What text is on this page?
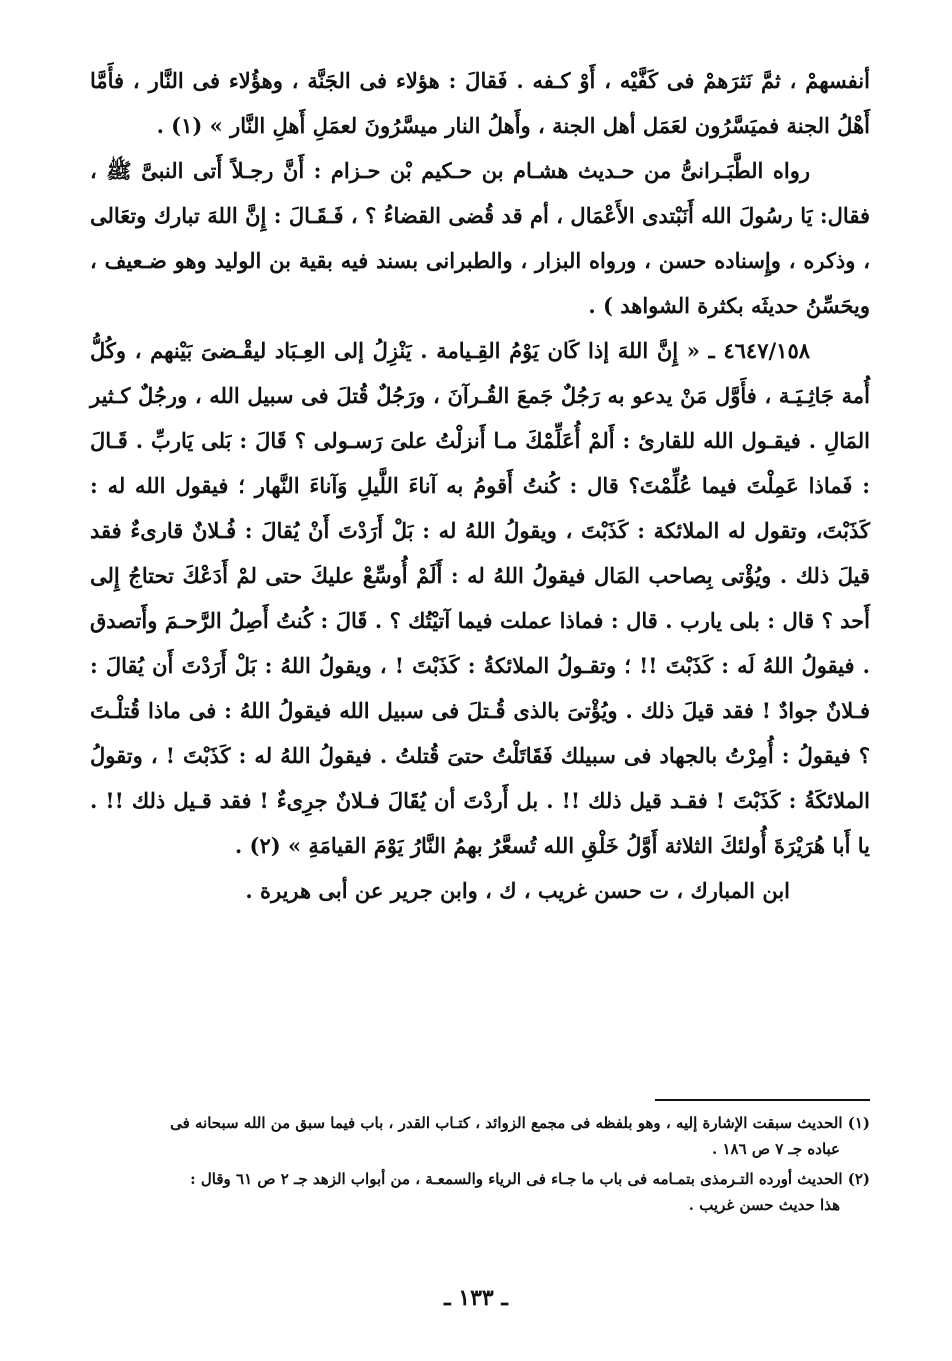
أنفسهمْ ، ثمَّ نَثرَهمْ فى كَفَّيْه ، أَوْ كـفه . فَقالَ : هؤلاء فى الجَنَّة ، وهؤُلاء فى النَّار ، فأَمَّا أَهْلُ الجنة فميَسَّرُون لعَمَل أهل الجنة ، وأَهلُ النار ميسَّرُونَ لعمَلِ أَهلِ النَّار » (١) .

رواه الطَّبَـرانىُّ من حـديث هشـام بن حـكيم بْن حـزام : أَنَّ رجـلاً أَتى النبىَّ ﷺ ، فقال: يَا رسُولَ الله أَنَبْتدى الأَعْمَال ، أم قد قُضى القضاءُ ؟ ، فَـقَـالَ : إِنَّ اللهَ تبارك وتعَالى ، وذكره ، وإِسناده حسن ، ورواه البزار ، والطبرانى بسند فيه بقية بن الوليد وهو ضـعيف ، ويحَسِّنُ حديثَه بكثرة الشواهد ) .

٤٦٤٧/١٥٨ ـ « إِنَّ اللهَ إذا كَان يَوْمُ القِـيامة . يَنْزِلُ إلى العِـبَاد ليقْـضىَ بَيْنهم ، وكُلُّ أُمة جَاثِـيَـة ، فأَوَّل مَنْ يدعو به رَجُلٌ جَمعَ القُـرآنَ ، ورَجُلٌ قُتلَ فى سبيل الله ، ورجُلٌ كـثير المَالِ . فيقـول الله للقارئ : أَلمْ أُعَلِّمْكَ مـا أَنزلْتُ علىَ رَسـولى ؟ قَالَ : بَلى يَاربِّ . قَـالَ : فَماذا عَمِلْتَ فيما عُلِّمْتَ؟ قال : كُنتُ أَقومُ به آناءَ اللَّيلِ وَآناءَ النَّهار ؛ فيقول الله له : كَذَبْتَ، وتقول له الملائكة : كَذَبْتَ ، ويقولُ اللهُ له : بَلْ أَرَدْتَ أَنْ يُقالَ : فُـلانٌ قارىءٌ فقد قيلَ ذلك . ويُؤْتى بِصاحب المَال فيقولُ اللهُ له : أَلَمْ أُوسِّعْ عليكَ حتى لمْ أَدَعْكَ تحتاجُ إِلى أَحد ؟ قال : بلى يارب . قال : فماذا عملت فيما آتيْتُك ؟ . قَالَ : كُنتُ أَصِلُ الرَّحـمَ وأَتصدق . فيقولُ اللهُ لَه : كَذَبْتَ !! ؛ وتقـولُ الملائكةُ : كَذَبْتَ ! ، ويقولُ اللهُ : بَلْ أَرَدْتَ أَن يُقالَ : فـلانٌ جوادٌ ! فقد قيلَ ذلك . ويُؤْتىَ بالذى قُـتلَ فى سبيل الله فيقولُ اللهُ : فى ماذا قُتلْـتَ ؟ فيقولُ : أُمِرْتُ بالجهاد فى سبيلك فَقَاتَلْتُ حتىَ قُتلتُ . فيقولُ اللهُ له : كَذَبْتَ ! ، وتقولُ الملائكَةُ : كَذَبْتَ ! فقـد قيل ذلك !! . بل أَردْتَ أن يُقَالَ فـلانٌ جرِىءٌ ! فقد قـيل ذلك !! . يا أَبا هُرَيْرَةَ أُولئكَ الثلاثة أَوَّلُ خَلْقِ الله تُسعَّرُ بهمُ النَّارُ يَوْمَ القيامَةِ » (٢) .

ابن المبارك ، ت حسن غريب ، ك ، وابن جرير عن أبى هريرة .

(١) الحديث سبقت الإشارة إليه ، وهو بلفظه فى مجمع الزوائد ، كتـاب القدر ، باب فيما سبق من الله سبحانه فى
عباده جـ ٧ ص ١٨٦ .

(٢) الحديث أورده التـرمذى بتمـامه فى باب ما جـاء فى الرياء والسمعـة ، من أبواب الزهد جـ ٢ ص ٦١ وقال :
هذا حديث حسن غريب .

ـ ١٣٣ ـ
